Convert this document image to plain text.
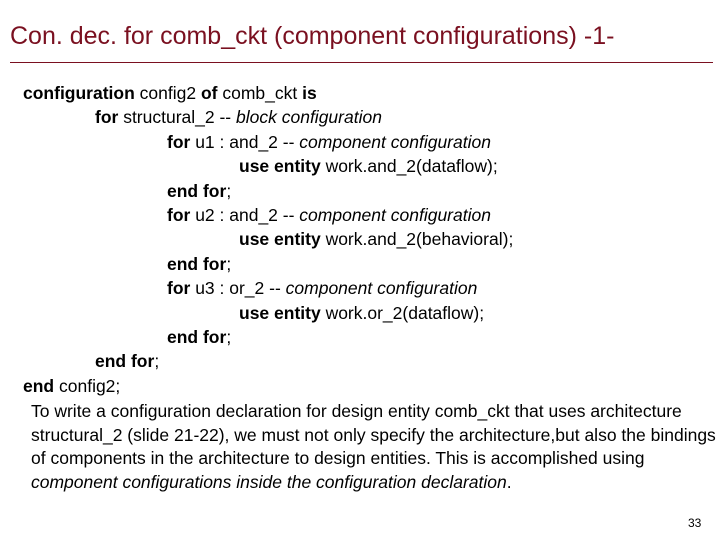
Con. dec. for comb_ckt (component configurations) -1-
configuration config2 of comb_ckt is
for structural_2 -- block configuration
for u1 : and_2 -- component configuration
use entity work.and_2(dataflow);
end for;
for u2 : and_2 -- component configuration
use entity work.and_2(behavioral);
end for;
for u3 : or_2 -- component configuration
use entity work.or_2(dataflow);
end for;
end for;
end config2;
To write a configuration declaration for design entity comb_ckt that uses architecture structural_2 (slide 21-22), we must not only specify the architecture,but also the bindings of components in the architecture to design entities. This is accomplished using component configurations inside the configuration declaration.
33
